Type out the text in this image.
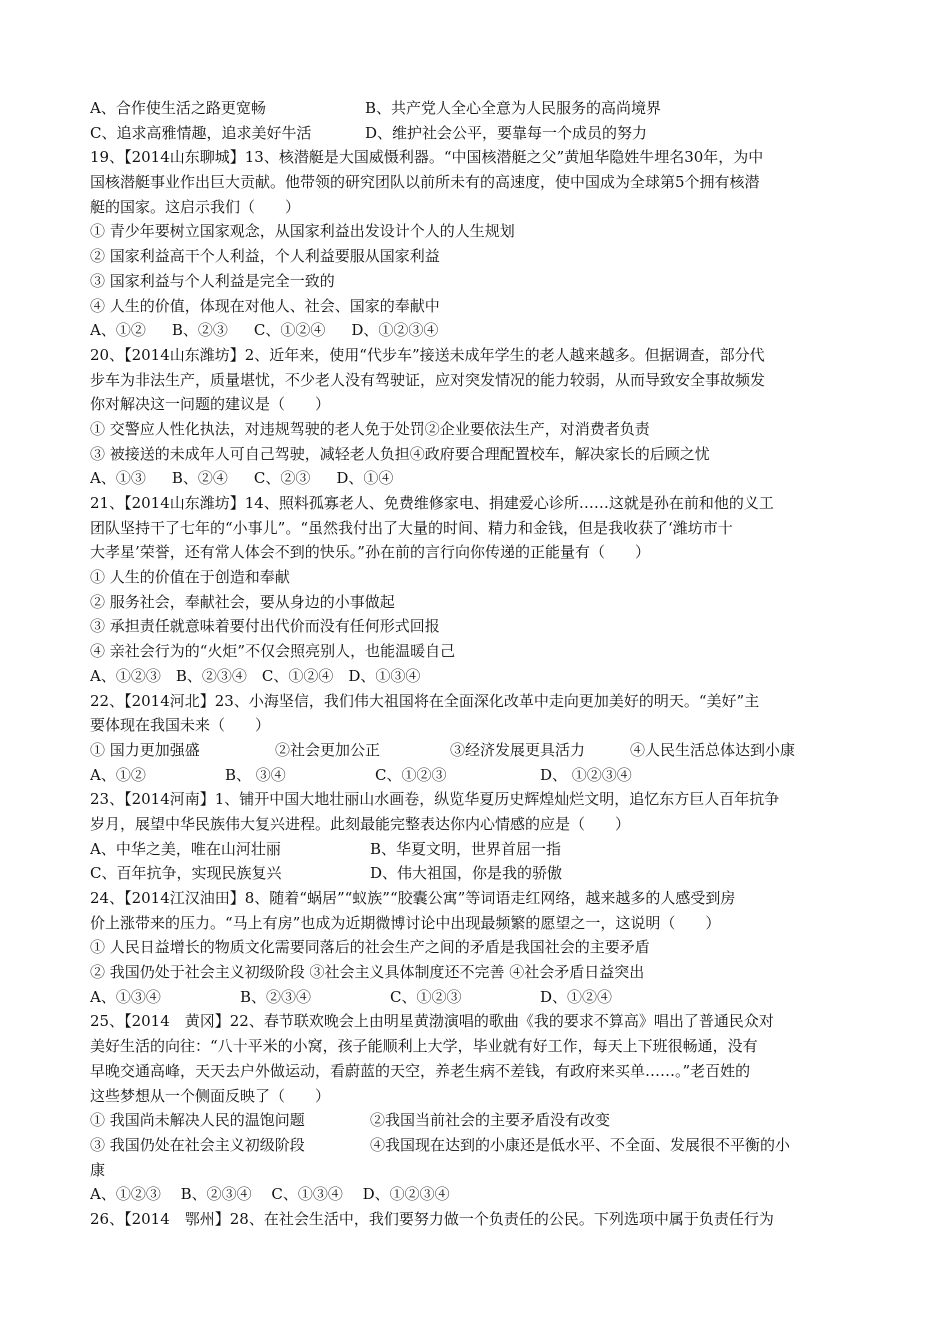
A、合作使生活之路更宽畅	B、共产党人全心全意为人民服务的高尚境界
C、追求高雅情趣，追求美好牛活	D、维护社会公平，要靠每一个成员的努力
19、【2014山东聊城】13、核潜艇是大国威慑利器。“中国核潜艇之父”黄旭华隐姓牛埋名30年，为中
国核潜艇事业作出巨大贡献。他带领的研究团队以前所未有的高速度，使中国成为全球第5个拥有核潜
艇的国家。这启示我们（　　）
① 青少年要树立国家观念，从国家利益出发设计个人的人生规划
② 国家利益高干个人利益，个人利益要服从国家利益
③ 国家利益与个人利益是完全一致的
④ 人生的价值，体现在对他人、社会、国家的奉献中
A、①② B、②③ C、①②④ D、①②③④
20、【2014山东潍坊】2、近年来，使用“代步车”接送未成年学生的老人越来越多。但据调查，部分代
步车为非法生产，质量堪忧，不少老人没有驾驶证，应对突发情况的能力较弱，从而导致安全事故频发
你对解决这一问题的建议是（　　）
① 交警应人性化执法，对违规驾驶的老人免于处罚②企业要依法生产，对消费者负责
③ 被接送的未成年人可自己驾驶，减轻老人负担④政府要合理配置校车，解决家长的后顾之忧
A、①③ B、②④ C、②③ D、①④
21、【2014山东潍坊】14、照料孤寡老人、免费维修家电、捐建爱心诊所……这就是孙在前和他的义工
团队坚持干了七年的“小事儿”。“虽然我付出了大量的时间、精力和金钱，但是我收获了‘潍坊市十
大孝星’荣誉，还有常人体会不到的快乐。”孙在前的言行向你传递的正能量有（　　）
① 人生的价值在于创造和奉献
② 服务社会，奉献社会，要从身边的小事做起
③ 承担责任就意味着要付出代价而没有任何形式回报
④ 亲社会行为的“火炬”不仅会照亮别人，也能温暖自己
A、①②③　B、②③④　C、①②④　D、①③④
22、【2014河北】23、小海坚信，我们伟大祖国将在全面深化改革中走向更加美好的明天。“美好”主
要体现在我国未来（　　）
① 国力更加强盛	②社会更加公正	③经济发展更具活力	④人民生活总体达到小康
A、①②	B、 ③④	C、①②③	D、 ①②③④
23、【2014河南】1、铺开中国大地壮丽山水画卷，纵览华夏历史辉煌灿烂文明，追忆东方巨人百年抗争
岁月，展望中华民族伟大复兴进程。此刻最能完整表达你内心情感的应是（　　）
A、中华之美，唯在山河壮丽	B、华夏文明，世界首屈一指
C、百年抗争，实现民族复兴	D、伟大祖国，你是我的骄傲
24、【2014江汉油田】8、随着“蜗居”“蚁族”“胶囊公寓”等词语走红网络，越来越多的人感受到房
价上涨带来的压力。“马上有房”也成为近期微博讨论中出现最频繁的愿望之一，这说明（　　）
① 人民日益增长的物质文化需要同落后的社会生产之间的矛盾是我国社会的主要矛盾
② 我国仍处于社会主义初级阶段 ③社会主义具体制度还不完善 ④社会矛盾日益突出
A、①③④	B、②③④	C、①②③	D、①②④
25、【2014　黄冈】22、春节联欢晚会上由明星黄渤演唱的歌曲《我的要求不算高》唱出了普通民众对
美好生活的向往：“八十平米的小窝，孩子能顺利上大学，毕业就有好工作，每天上下班很畅通，没有
早晚交通高峰，天天去户外做运动，看蔚蓝的天空，养老生病不差钱，有政府来买单……。”老百姓的
这些梦想从一个侧面反映了（　　）
① 我国尚未解决人民的温饱问题	②我国当前社会的主要矛盾没有改变
③ 我国仍处在社会主义初级阶段	④我国现在达到的小康还是低水平、不全面、发展很不平衡的小
康
A、①②③　 B、②③④　 C、①③④　 D、①②③④
26、【2014　鄂州】28、在社会生活中，我们要努力做一个负责任的公民。下列选项中属于负责任行为
